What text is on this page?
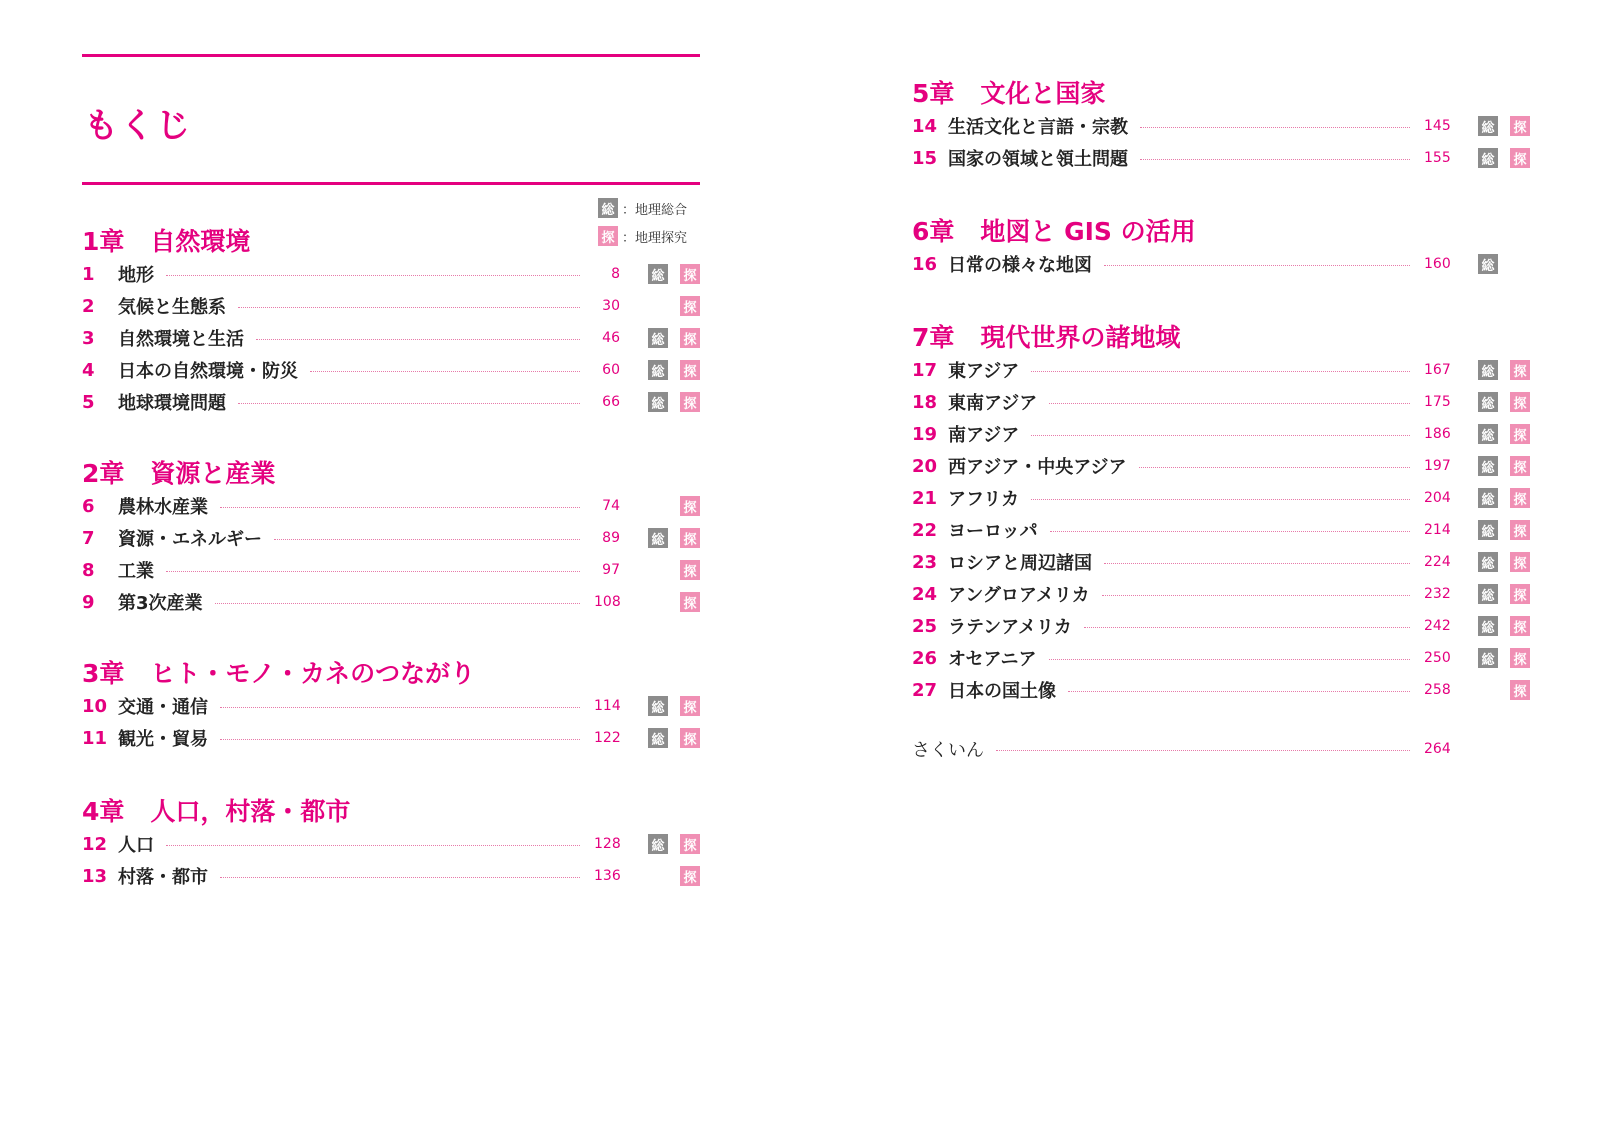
もくじ
総 ：地理総合
探 ：地理探究
1章 自然環境
1	地形	8 総 探
2	気候と生態系	30	探
3	自然環境と生活	46 総 探
4	日本の自然環境・防災	60 総 探
5	地球環境問題	66 総 探
2章 資源と産業
6	農林水産業	74	探
7	資源・エネルギー	89 総 探
8	工業	97	探
9	第3次産業	108	探
3章 ヒト・モノ・カネのつながり
10 交通・通信	114 総 探
11 観光・貿易	122 総 探
4章 人口，村落・都市
12 人口	128 総 探
13 村落・都市	136	探
5章 文化と国家
14 生活文化と言語・宗教	145 総 探
15 国家の領域と領土問題	155 総 探
6章 地図と GIS の活用
16 日常の様々な地図	160 総
7章 現代世界の諸地域
17 東アジア	167 総 探
18 東南アジア	175 総 探
19 南アジア	186 総 探
20 西アジア・中央アジア	197 総 探
21 アフリカ	204 総 探
22 ヨーロッパ	214 総 探
23 ロシアと周辺諸国	224 総 探
24 アングロアメリカ	232 総 探
25 ラテンアメリカ	242 総 探
26 オセアニア	250 総 探
27 日本の国土像	258	探
さくいん	264
